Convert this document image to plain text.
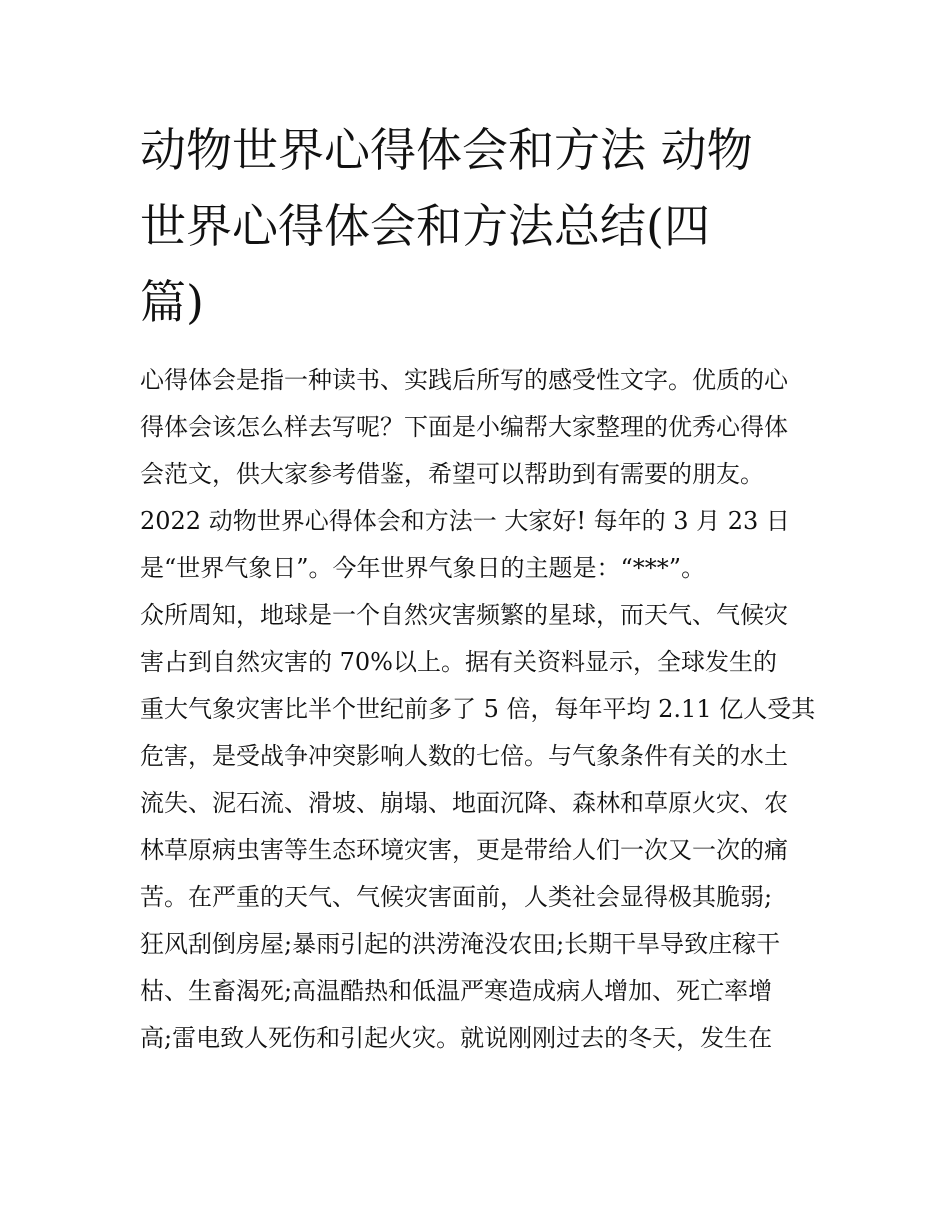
动物世界心得体会和方法 动物
世界心得体会和方法总结(四
篇)
心得体会是指一种读书、实践后所写的感受性文字。优质的心
得体会该怎么样去写呢？下面是小编帮大家整理的优秀心得体
会范文，供大家参考借鉴，希望可以帮助到有需要的朋友。
2022 动物世界心得体会和方法一 大家好! 每年的 3 月 23 日
是“世界气象日”。今年世界气象日的主题是：“***”。
众所周知，地球是一个自然灾害频繁的星球，而天气、气候灾
害占到自然灾害的 70%以上。据有关资料显示，全球发生的
重大气象灾害比半个世纪前多了 5 倍，每年平均 2.11 亿人受其
危害，是受战争冲突影响人数的七倍。与气象条件有关的水土
流失、泥石流、滑坡、崩塌、地面沉降、森林和草原火灾、农
林草原病虫害等生态环境灾害，更是带给人们一次又一次的痛
苦。在严重的天气、气候灾害面前，人类社会显得极其脆弱;
狂风刮倒房屋;暴雨引起的洪涝淹没农田;长期干旱导致庄稼干
枯、生畜渴死;高温酷热和低温严寒造成病人增加、死亡率增
高;雷电致人死伤和引起火灾。就说刚刚过去的冬天，发生在
